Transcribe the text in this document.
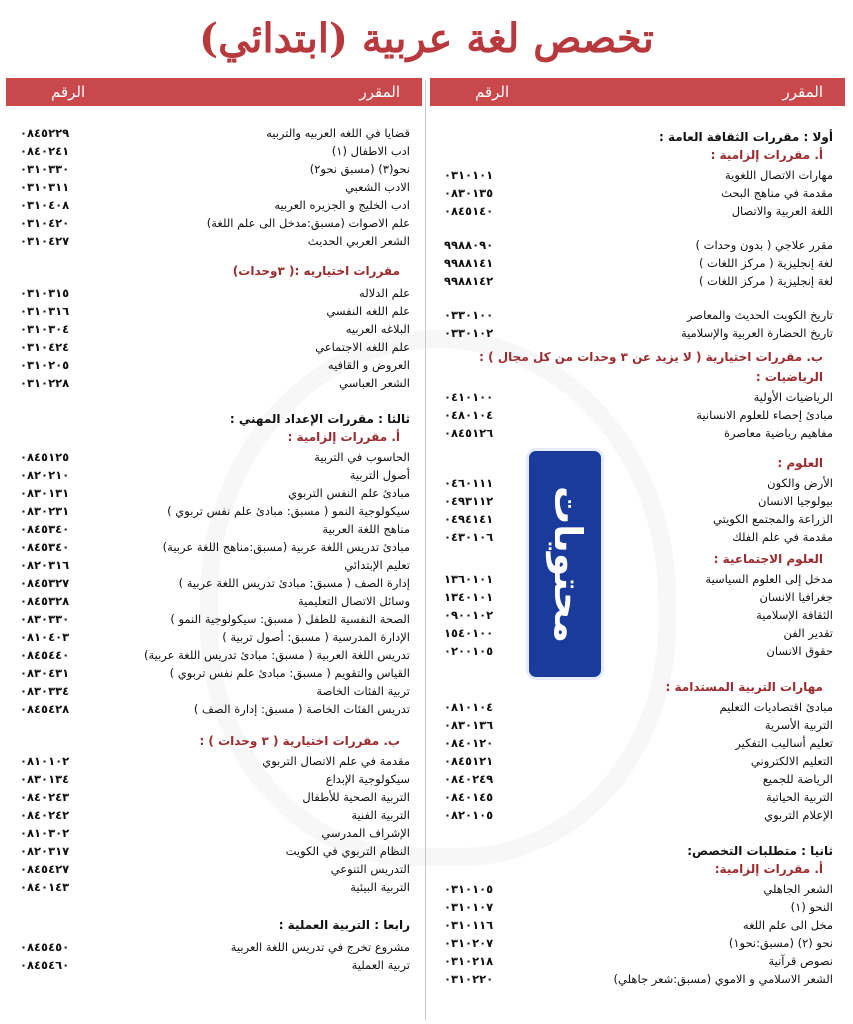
تخصص لغة عربية (ابتدائي)
المقرر
الرقم
قضايا في اللغه العربيه والتربيه
٠٨٤٥٢٢٩
ادب الاطفال (١)
٠٨٤٠٢٤١
نحو(٣) (مسبق نحو٢)
٠٣١٠٣٣٠
الادب الشعبي
٠٣١٠٣١١
ادب الخليج و الجزيره العربيه
٠٣١٠٤٠٨
علم الاصوات (مسبق:مدخل الى علم اللغة)
٠٣١٠٤٢٠
الشعر العربي الحديث
٠٣١٠٤٢٧
مقررات اختياريه :( ٣وحدات)
علم الدلاله
٠٣١٠٣١٥
علم اللغه النفسي
٠٣١٠٣١٦
البلاغه العربيه
٠٣١٠٣٠٤
علم اللغه الاجتماعي
٠٣١٠٤٢٤
العروض و القافيه
٠٣١٠٢٠٥
الشعر العباسي
٠٣١٠٢٢٨
ثالثا : مقررات الإعداد المهني :
أ. مقررات إلزامية :
الحاسوب في التربية
٠٨٤٥١٢٥
أصول التربية
٠٨٢٠٢١٠
مبادئ علم النفس التربوي
٠٨٣٠١٣١
سيكولوجية النمو ( مسبق: مبادئ علم نفس تربوي )
٠٨٣٠٢٣١
مناهج اللغة العربية
٠٨٤٥٣٤٠
مبادئ تدريس اللغة عربية (مسبق:مناهج اللغة عربية)
٠٨٤٥٣٤٠
تعليم الإبتدائي
٠٨٢٠٣١٦
إدارة الصف ( مسبق: مبادئ تدريس اللغة عربية )
٠٨٤٥٣٢٧
وسائل الاتصال التعليمية
٠٨٤٥٣٢٨
الصحة النفسية للطفل ( مسبق: سيكولوجية النمو )
٠٨٣٠٣٣٠
الإدارة المدرسية ( مسبق: أصول تربية )
٠٨١٠٤٠٣
تدريس اللغة العربية ( مسبق: مبادئ تدريس اللغة عربية)
٠٨٤٥٤٤٠
القياس والتقويم ( مسبق: مبادئ علم نفس تربوي )
٠٨٣٠٤٣١
تربية الفئات الخاصة
٠٨٣٠٣٣٤
تدريس الفئات الخاصة ( مسبق: إدارة الصف )
٠٨٤٥٤٢٨
ب. مقررات اختيارية ( ٣ وحدات ) :
مقدمة في علم الاتصال التربوي
٠٨١٠١٠٢
سيكولوجية الإبداع
٠٨٣٠١٣٤
التربية الصحية للأطفال
٠٨٤٠٢٤٣
التربية الفنية
٠٨٤٠٢٤٢
الإشراف المدرسي
٠٨١٠٣٠٢
النظام التربوي في الكويت
٠٨٢٠٣١٧
التدريس التنوعي
٠٨٤٥٤٢٧
التربية البيئية
٠٨٤٠١٤٣
رابعا : التربية العملية :
مشروع تخرج في تدريس اللغة العربية
٠٨٤٥٤٥٠
تربية العملية
٠٨٤٥٤٦٠
المقرر
الرقم
أولا : مقررات الثقافة العامة :
أ. مقررات إلزامية :
مهارات الاتصال اللغوية
٠٣١٠١٠١
مقدمة في مناهج البحث
٠٨٣٠١٣٥
اللغة العربية والاتصال
٠٨٤٥١٤٠
مقرر علاجي ( بدون وحدات )
٩٩٨٨٠٩٠
لغة إنجليزية ( مركز اللغات )
٩٩٨٨١٤١
لغة إنجليزية ( مركز اللغات )
٩٩٨٨١٤٢
تاريخ الكويت الحديث والمعاصر
٠٣٣٠١٠٠
تاريخ الحضارة العربية والإسلامية
٠٣٣٠١٠٢
ب. مقررات اختيارية ( لا يزيد عن ٣ وحدات من كل مجال ) :
الرياضيات :
الرياضيات الأولية
٠٤١٠١٠٠
مبادئ إحصاء للعلوم الانسانية
٠٤٨٠١٠٤
مفاهيم رياضية معاصرة
٠٨٤٥١٢٦
العلوم :
الأرض والكون
٠٤٦٠١١١
بيولوجيا الانسان
٠٤٩٣١١٢
الزراعة والمجتمع الكويتي
٠٤٩٤١٤١
مقدمة في علم الفلك
٠٤٣٠١٠٦
العلوم الاجتماعية :
مدخل إلى العلوم السياسية
١٣٦٠١٠١
جغرافيا الانسان
١٣٤٠١٠١
الثقافة الإسلامية
٠٩٠٠١٠٢
تقدير الفن
١٥٤٠١٠٠
حقوق الانسان
٠٢٠٠١٠٥
مهارات التربية المستدامة :
مبادئ اقتصاديات التعليم
٠٨١٠١٠٤
التربية الأسرية
٠٨٣٠١٣٦
تعليم أساليب التفكير
٠٨٤٠١٢٠
التعليم الالكتروني
٠٨٤٥١٢١
الرياضة للجميع
٠٨٤٠٢٤٩
التربية الحياتية
٠٨٤٠١٤٥
الإعلام التربوي
٠٨٢٠١٠٥
ثانيا : متطلبات التخصص:
أ. مقررات إلزامية:
الشعر الجاهلي
٠٣١٠١٠٥
النحو (١)
٠٣١٠١٠٧
مخل الى علم اللغه
٠٣١٠١١٦
نحو (٢) (مسبق:نحو١)
٠٣١٠٢٠٧
نصوص قرآنية
٠٣١٠٢١٨
الشعر الاسلامي و الاموي (مسبق:شعر جاهلي)
٠٣١٠٢٢٠
محتويات
